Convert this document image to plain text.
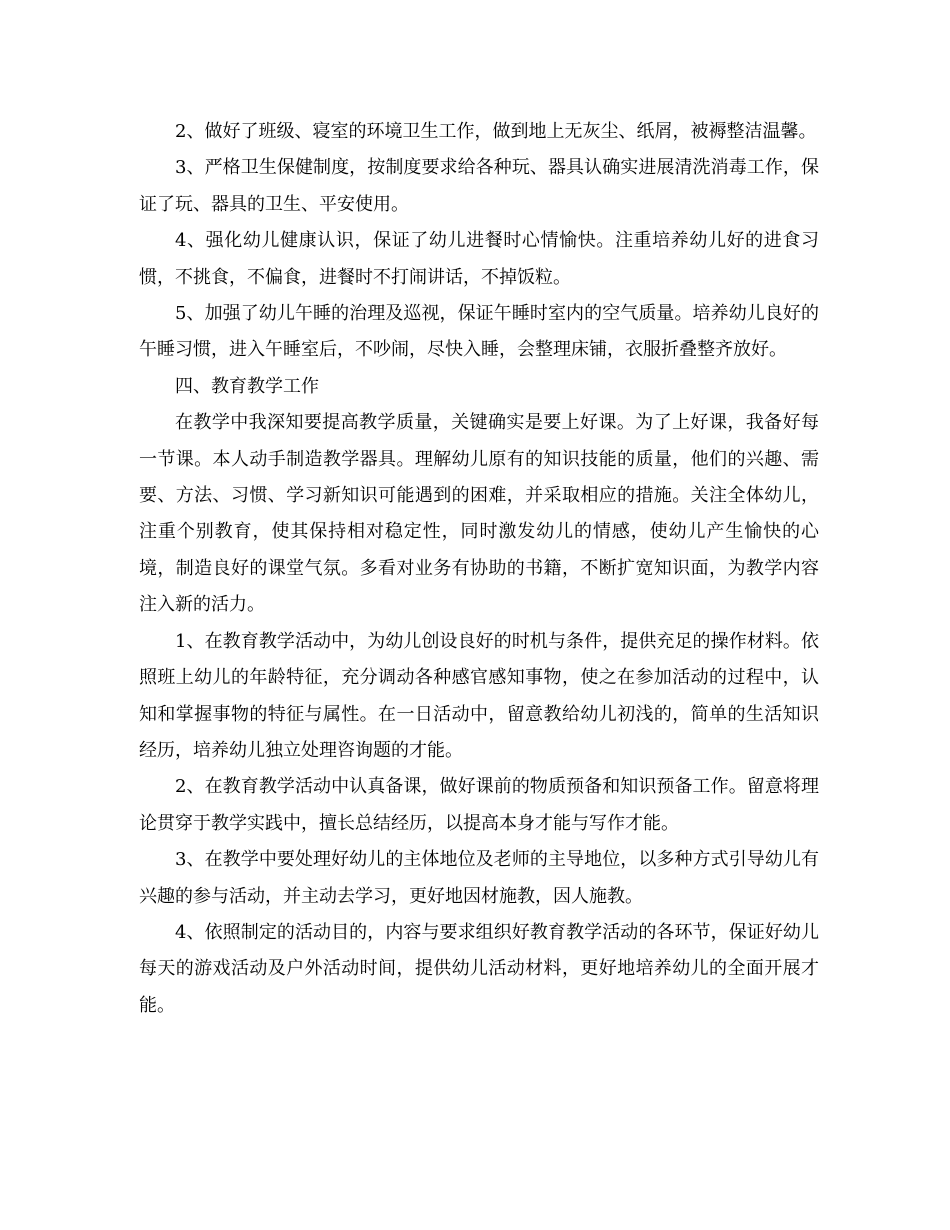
2、做好了班级、寝室的环境卫生工作，做到地上无灰尘、纸屑，被褥整洁温馨。

3、严格卫生保健制度，按制度要求给各种玩、器具认确实进展清洗消毒工作，保证了玩、器具的卫生、平安使用。

4、强化幼儿健康认识，保证了幼儿进餐时心情愉快。注重培养幼儿好的进食习惯，不挑食，不偏食，进餐时不打闹讲话，不掉饭粒。

5、加强了幼儿午睡的治理及巡视，保证午睡时室内的空气质量。培养幼儿良好的午睡习惯，进入午睡室后，不吵闹，尽快入睡，会整理床铺，衣服折叠整齐放好。

四、教育教学工作

在教学中我深知要提高教学质量，关键确实是要上好课。为了上好课，我备好每一节课。本人动手制造教学器具。理解幼儿原有的知识技能的质量，他们的兴趣、需要、方法、习惯、学习新知识可能遇到的困难，并采取相应的措施。关注全体幼儿，注重个别教育，使其保持相对稳定性，同时激发幼儿的情感，使幼儿产生愉快的心境，制造良好的课堂气氛。多看对业务有协助的书籍，不断扩宽知识面，为教学内容注入新的活力。

1、在教育教学活动中，为幼儿创设良好的时机与条件，提供充足的操作材料。依照班上幼儿的年龄特征，充分调动各种感官感知事物，使之在参加活动的过程中，认知和掌握事物的特征与属性。在一日活动中，留意教给幼儿初浅的，简单的生活知识经历，培养幼儿独立处理咨询题的才能。

2、在教育教学活动中认真备课，做好课前的物质预备和知识预备工作。留意将理论贯穿于教学实践中，擅长总结经历，以提高本身才能与写作才能。

3、在教学中要处理好幼儿的主体地位及老师的主导地位，以多种方式引导幼儿有兴趣的参与活动，并主动去学习，更好地因材施教，因人施教。

4、依照制定的活动目的，内容与要求组织好教育教学活动的各环节，保证好幼儿每天的游戏活动及户外活动时间，提供幼儿活动材料，更好地培养幼儿的全面开展才能。
